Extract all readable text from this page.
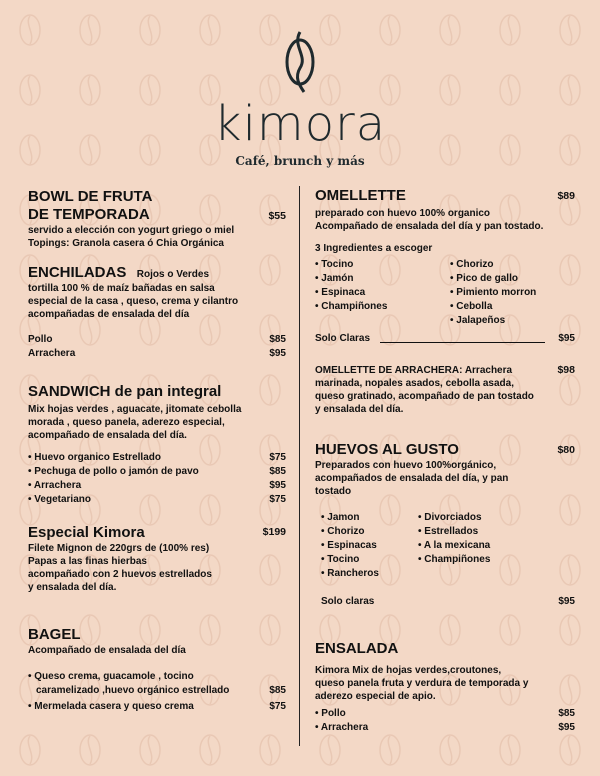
kimora
Café, brunch y más
BOWL DE FRUTA
DE TEMPORADA	$55
servido a elección con yogurt griego o miel
Topings: Granola casera ó Chia Orgánica
ENCHILADAS Rojos o Verdes
tortilla 100 % de maíz bañadas en salsa
especial de la casa , queso, crema y cilantro
acompañadas de ensalada del día
Pollo	$85
Arrachera	$95
SANDWICH de pan integral
Mix hojas verdes , aguacate, jitomate cebolla
morada , queso panela, aderezo especial,
acompañado de ensalada del día.
• Huevo organico Estrellado	$75
• Pechuga de pollo o jamón de pavo	$85
• Arrachera	$95
• Vegetariano	$75
Especial Kimora	$199
Filete Mignon de 220grs de (100% res)
Papas a las finas hierbas
acompañado con 2 huevos estrellados
y ensalada del día.
BAGEL
Acompañado de ensalada del día
• Queso crema, guacamole , tocino
caramelizado ,huevo orgánico estrellado	$85
• Mermelada casera y queso crema	$75
OMELLETTE	$89
preparado con huevo 100% organico
Acompañado de ensalada del día y pan tostado.
3 Ingredientes a escoger
• Tocino
• Jamón
• Espinaca
• Champiñones
• Chorizo
• Pico de gallo
• Pimiento morron
• Cebolla
• Jalapeños
Solo Claras	$95
OMELLETTE DE ARRACHERA: Arrachera	$98
marinada, nopales asados, cebolla asada,
queso gratinado, acompañado de pan tostado
y ensalada del día.
HUEVOS AL GUSTO	$80
Preparados con huevo 100%orgánico,
acompañados de ensalada del día, y pan
tostado
• Jamon
• Chorizo
• Espinacas
• Tocino
• Rancheros
• Divorciados
• Estrellados
• A la mexicana
• Champiñones
Solo claras	$95
ENSALADA
Kimora Mix de hojas verdes,croutones,
queso panela fruta y verdura de temporada y
aderezo especial de apio.
• Pollo	$85
• Arrachera	$95
